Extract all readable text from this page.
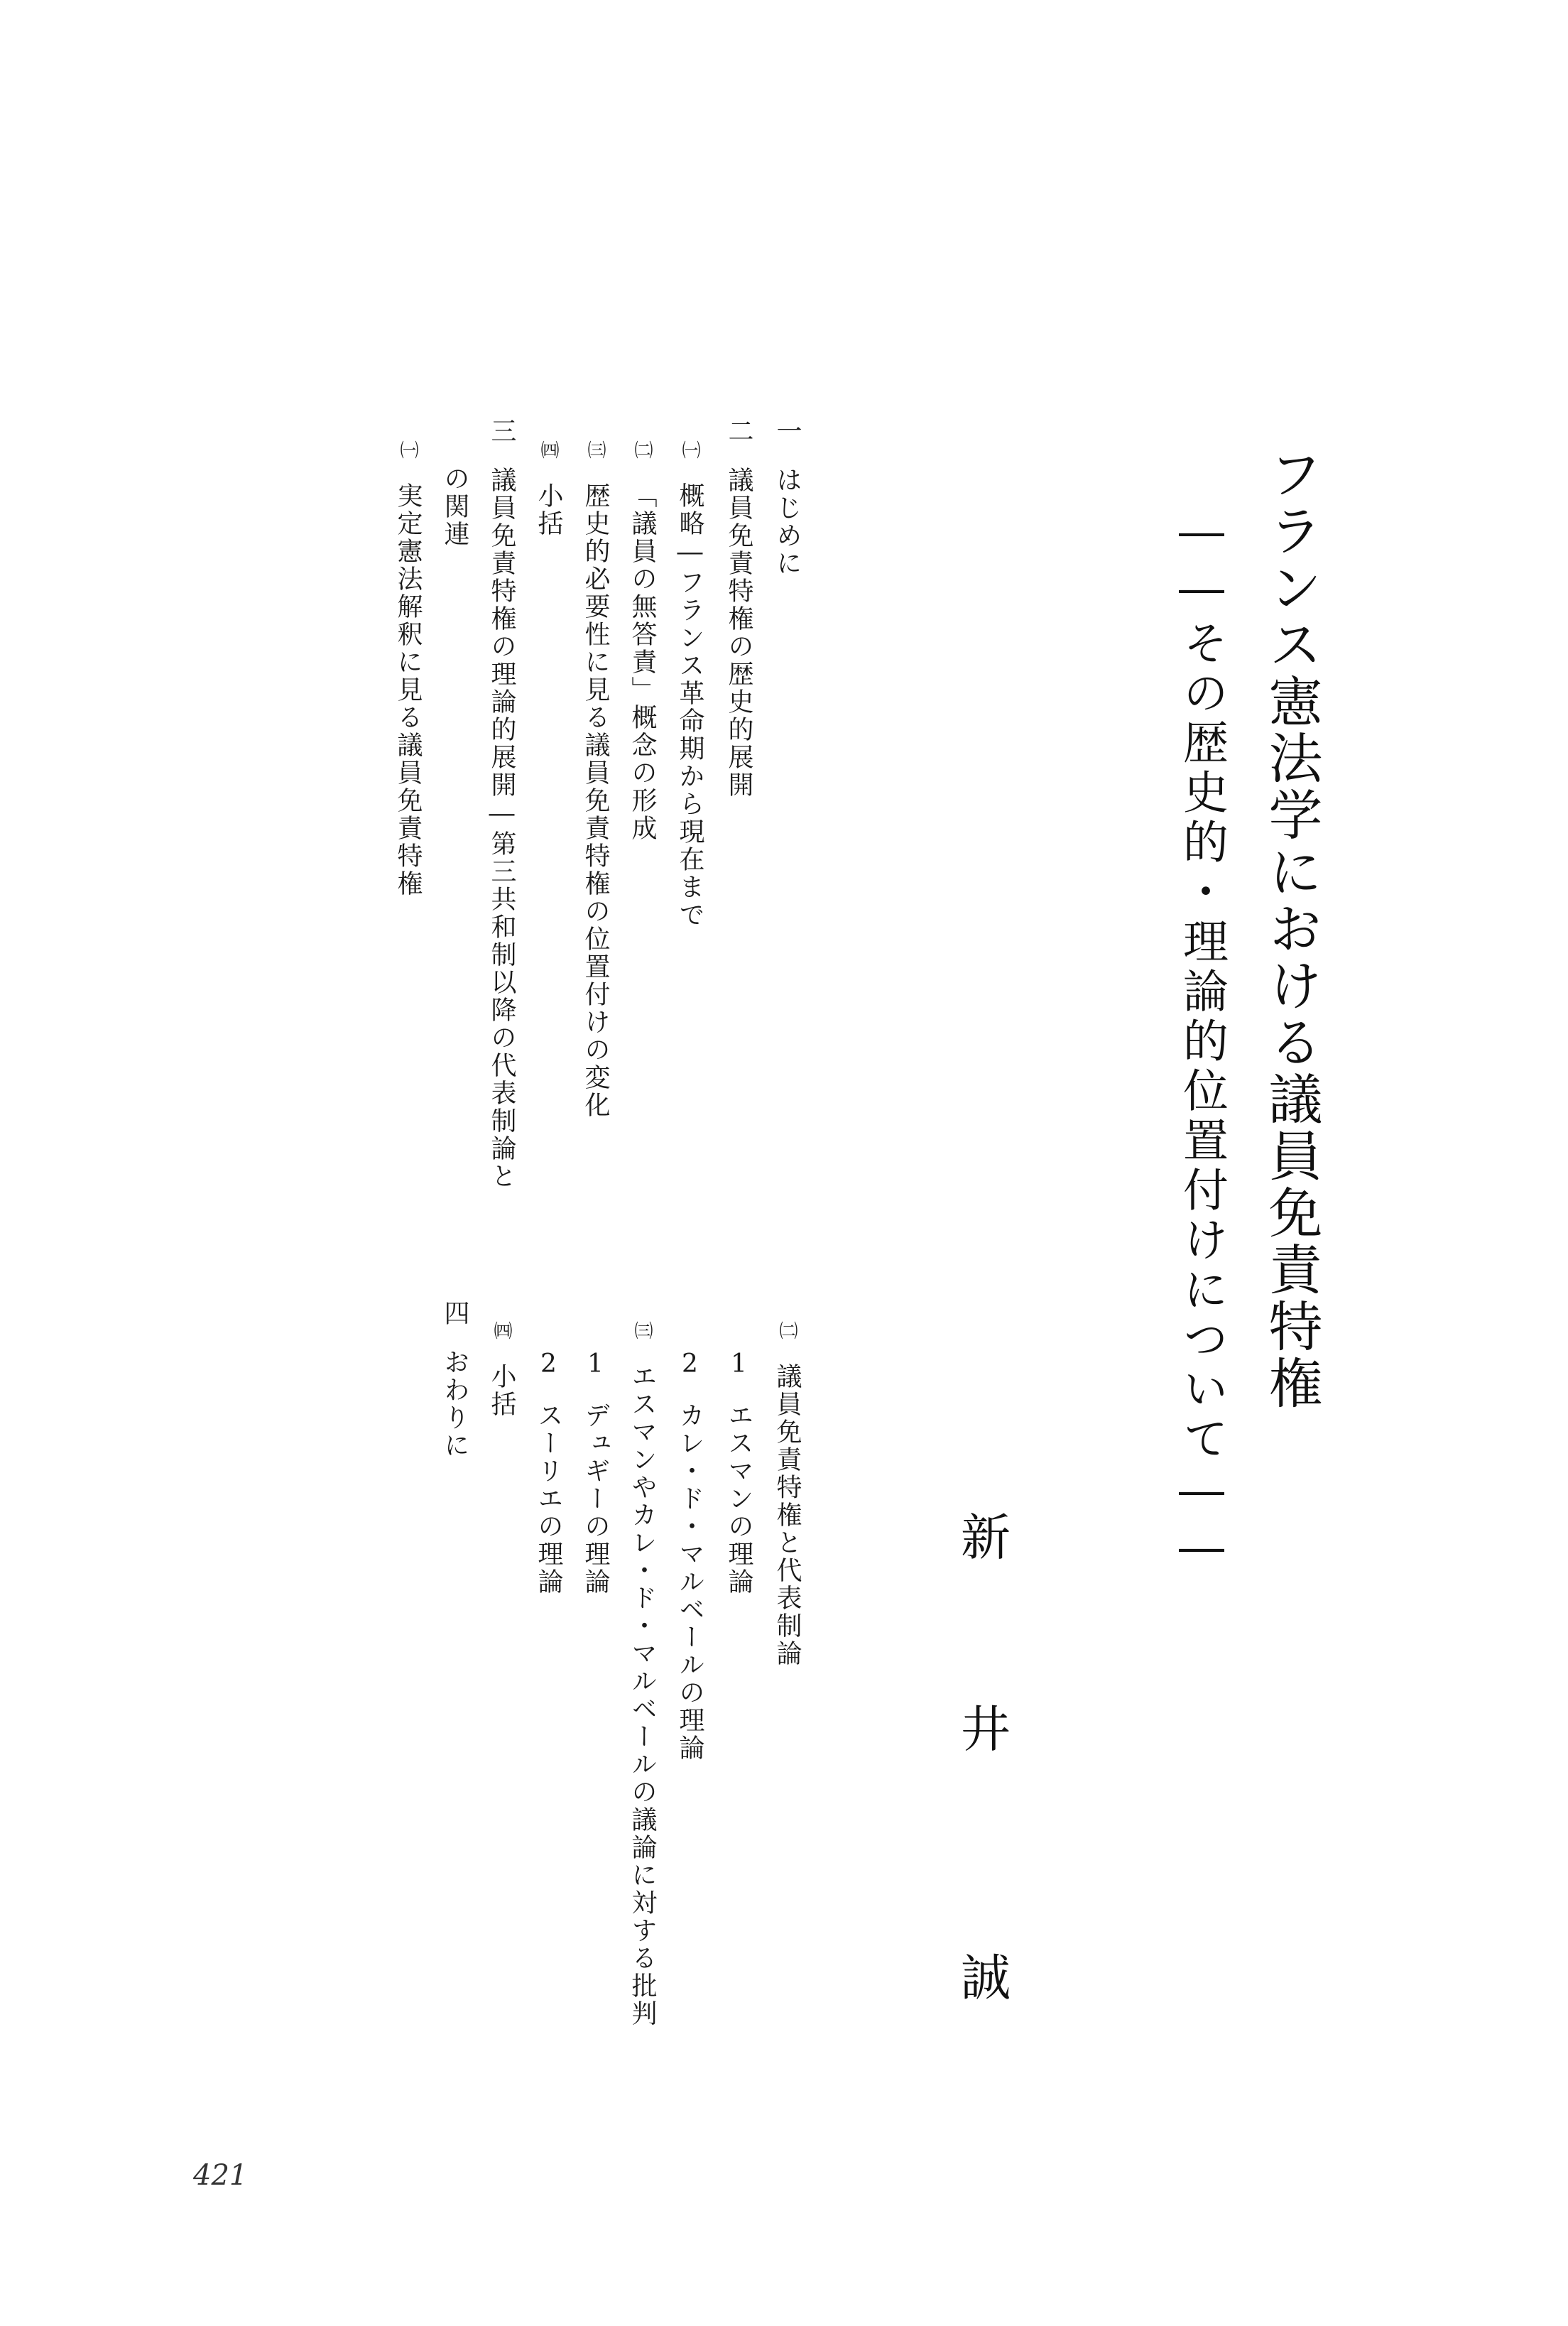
フランス憲法学における議員免責特権
――その歴史的・理論的位置付けについて――
新
井
誠
一はじめに
二議員免責特権の歴史的展開
㈠概略―フランス革命期から現在まで
㈡「議員の無答責」概念の形成
㈢歴史的必要性に見る議員免責特権の位置付けの変化
㈣小括
三議員免責特権の理論的展開―第三共和制以降の代表制論と
の関連
㈠実定憲法解釈に見る議員免責特権
㈡議員免責特権と代表制論
1エスマンの理論
2カレ・ド・マルベールの理論
㈢エスマンやカレ・ド・マルベールの議論に対する批判
1デュギーの理論
2スーリエの理論
㈣小括
四おわりに
421
